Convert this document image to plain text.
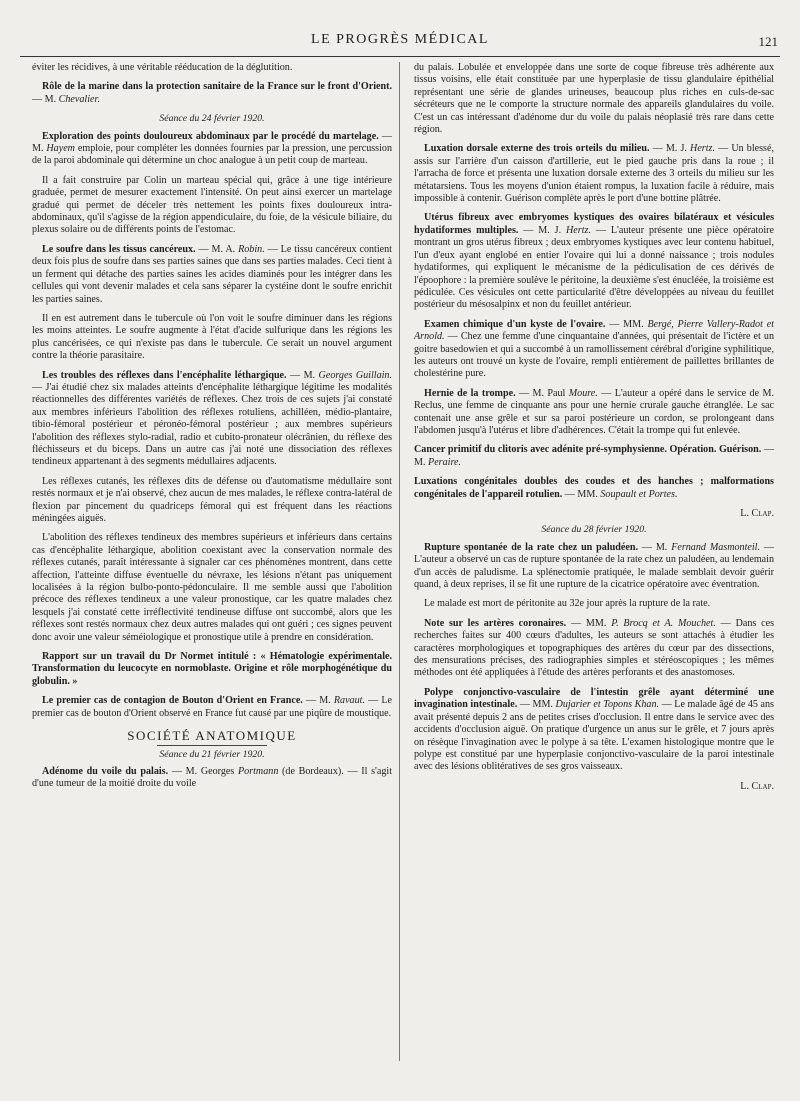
LE PROGRÈS MÉDICAL	121

éviter les récidives, à une véritable rééducation de la déglutition.

Rôle de la marine dans la protection sanitaire de la France sur le front d'Orient. — M. Chevalier.

Séance du 24 février 1920.

Exploration des points douloureux abdominaux par le procédé du martelage. — M. Hayem emploie, pour compléter les données fournies par la pression, une percussion de la paroi abdominale qui détermine un choc analogue à un petit coup de marteau.

Il a fait construire par Colin un marteau spécial qui, grâce à une tige intérieure graduée, permet de mesurer exactement l'intensité. On peut ainsi exercer un martelage gradué qui permet de déceler très nettement les points fixes douloureux intra-abdominaux, qu'il s'agisse de la région appendiculaire, du foie, de la vésicule biliaire, du plexus solaire ou de différents points de l'estomac.

Le soufre dans les tissus cancéreux. — M. A. Robin. — Le tissu cancéreux contient deux fois plus de soufre dans ses parties saines que dans ses parties malades. Ceci tient à un ferment qui détache des parties saines les acides diaminés pour les intégrer dans les cellules qui vont devenir malades et cela sans séparer la cystéine dont le soufre enrichit les parties saines.

Il en est autrement dans le tubercule où l'on voit le soufre diminuer dans les régions les moins atteintes. Le soufre augmente à l'état d'acide sulfurique dans les régions les plus cancérisées, ce qui n'existe pas dans le tubercule. Ce serait un nouvel argument contre la théorie parasitaire.

Les troubles des réflexes dans l'encéphalite léthargique. — M. Georges Guillain. — J'ai étudié chez six malades atteints d'encéphalite léthargique légitime les modalités réactionnelles des différentes variétés de réflexes. Chez trois de ces sujets j'ai constaté aux membres inférieurs l'abolition des réflexes rotuliens, achilléen, médio-plantaire, tibio-fémoral postérieur et péronéo-fémoral postérieur ; aux membres supérieurs l'abolition des réflexes stylo-radial, radio et cubito-pronateur olécrânien, du réflexe des fléchisseurs et du biceps. Dans un autre cas j'ai noté une dissociation des réflexes tendineux appartenant à des segments médullaires adjacents.

Les réflexes cutanés, les réflexes dits de défense ou d'automatisme médullaire sont restés normaux et je n'ai observé, chez aucun de mes malades, le réflexe contra-latéral de flexion par pincement du quadriceps fémoral qui est fréquent dans les réactions méningées aiguës.

L'abolition des réflexes tendineux des membres supérieurs et inférieurs dans certains cas d'encéphalite léthargique, abolition coexistant avec la conservation normale des réflexes cutanés, paraît intéressante à signaler car ces phénomènes montrent, dans cette affection, l'atteinte diffuse éventuelle du névraxe, les lésions n'étant pas uniquement localisées à la région bulbo-ponto-pédonculaire. Il me semble aussi que l'abolition précoce des réflexes tendineux a une valeur pronostique, car les quatre malades chez lesquels j'ai constaté cette irréflectivité tendineuse diffuse ont succombé, alors que les réflexes sont restés normaux chez deux autres malades qui ont guéri ; ces signes peuvent donc avoir une valeur séméiologique et pronostique utile à prendre en considération.

Rapport sur un travail du Dr Normet intitulé : « Hématologie expérimentale. Transformation du leucocyte en normoblaste. Origine et rôle morphogénétique du globulin. »

Le premier cas de contagion de Bouton d'Orient en France. — M. Ravaut. — Le premier cas de bouton d'Orient observé en France fut causé par une piqûre de moustique.

SOCIÉTÉ ANATOMIQUE
Séance du 21 février 1920.

Adénome du voile du palais. — M. Georges Portmann (de Bordeaux). — Il s'agit d'une tumeur de la moitié droite du voile

du palais. Lobulée et enveloppée dans une sorte de coque fibreuse très adhérente aux tissus voisins, elle était constituée par une hyperplasie de tissu glandulaire épithélial représentant une série de glandes urineuses, beaucoup plus riches en culs-de-sac sécréteurs que ne le comporte la structure normale des appareils glandulaires du voile. C'est un cas intéressant d'adénome dur du voile du palais néoplasié très rare dans cette région.

Luxation dorsale externe des trois orteils du milieu. — M. J. Hertz. — Un blessé, assis sur l'arrière d'un caisson d'artillerie, eut le pied gauche pris dans la roue ; il l'arracha de force et présenta une luxation dorsale externe des 3 orteils du milieu sur les métatarsiens. Tous les moyens d'union étaient rompus, la luxation facile à réduire, mais impossible à contenir. Guérison complète après le port d'une bottine plâtrée.

Utérus fibreux avec embryomes kystiques des ovaires bilatéraux et vésicules hydatiformes multiples. — M. J. Hertz. — L'auteur présente une pièce opératoire montrant un gros utérus fibreux ; deux embryomes kystiques avec leur contenu habituel, l'un d'eux ayant englobé en entier l'ovaire qui lui a donné naissance ; trois nodules hydatiformes, qui expliquent le mécanisme de la pédiculisation de ces dérivés de l'époophore : la première soulève le péritoine, la deuxième s'est énucléée, la troisième est pédiculée. Ces vésicules ont cette particularité d'être développées au niveau du feuillet postérieur du mésosalpinx et non du feuillet antérieur.

Examen chimique d'un kyste de l'ovaire. — MM. Bergé, Pierre Vallery-Radot et Arnold. — Chez une femme d'une cinquantaine d'années, qui présentait de l'ictère et un goitre basedowien et qui a succombé à un ramollissement cérébral d'origine syphilitique, les auteurs ont trouvé un kyste de l'ovaire, rempli entièrement de paillettes brillantes de cholestérine pure.

Hernie de la trompe. — M. Paul Moure. — L'auteur a opéré dans le service de M. Reclus, une femme de cinquante ans pour une hernie crurale gauche étranglée. Le sac contenait une anse grêle et sur sa paroi postérieure un cordon, se prolongeant dans l'abdomen jusqu'à l'utérus et libre d'adhérences. C'était la trompe qui fut enlevée.

Cancer primitif du clitoris avec adénite pré-symphysienne. Opération. Guérison. — M. Peraire.

Luxations congénitales doubles des coudes et des hanches ; malformations congénitales de l'appareil rotulien. — MM. Soupault et Portes.

L. Clap.
Séance du 28 février 1920.

Rupture spontanée de la rate chez un paludéen. — M. Fernand Masmonteil. — L'auteur a observé un cas de rupture spontanée de la rate chez un paludéen, au lendemain d'un accès de paludisme. La splénectomie pratiquée, le malade semblait devoir guérir quand, à deux reprises, il se fit une rupture de la cicatrice opératoire avec éventration.

Le malade est mort de péritonite au 32e jour après la rupture de la rate.

Note sur les artères coronaires. — MM. P. Brocq et A. Mouchet. — Dans ces recherches faites sur 400 cœurs d'adultes, les auteurs se sont attachés à étudier les caractères morphologiques et topographiques des artères du cœur par des dissections, des mensurations précises, des radiographies simples et stéréoscopiques ; les mêmes méthodes ont été appliquées à l'étude des artères perforants et des anastomoses.

Polype conjonctivo-vasculaire de l'intestin grêle ayant déterminé une invagination intestinale. — MM. Dujarier et Topons Khan. — Le malade âgé de 45 ans avait présenté depuis 2 ans de petites crises d'occlusion. Il entre dans le service avec des accidents d'occlusion aiguë. On pratique d'urgence un anus sur le grêle, et 7 jours après on résèque l'invagination avec le polype à sa tête. L'examen histologique montre que le polype est constitué par une hyperplasie conjonctivo-vasculaire de la paroi intestinale avec des lésions oblitératives de ses gros vaisseaux.

L. Clap.
